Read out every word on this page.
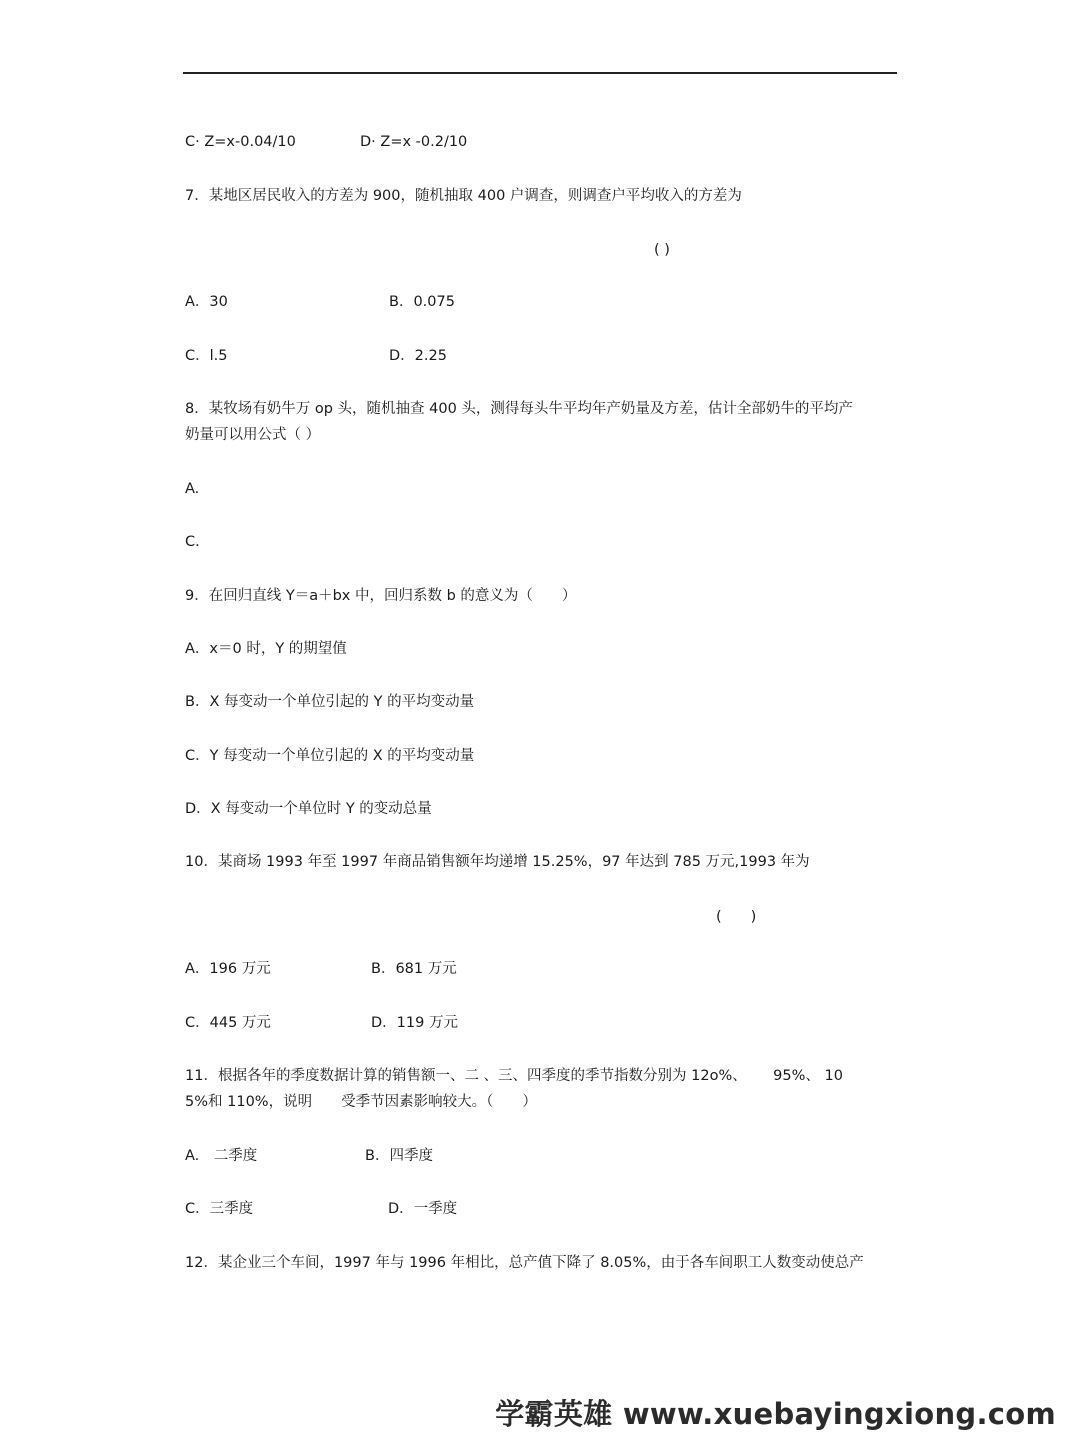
C· Z=x-0.04/10	D· Z=x -0.2/10
7．某地区居民收入的方差为 900，随机抽取 400 户调查，则调查户平均收入的方差为
( )
A．30	B．0.075
C．l.5	D．2.25
8．某牧场有奶牛万 op 头，随机抽查 400 头，测得每头牛平均年产奶量及方差，估计全部奶牛的平均产
奶量可以用公式（ ）
A.
C.
9．在回归直线 Y＝a＋bx 中，回归系数 b 的意义为（　　）
A．x＝0 时，Y 的期望值
B．X 每变动一个单位引起的 Y 的平均变动量
C．Y 每变动一个单位引起的 X 的平均变动量
D．X 每变动一个单位时 Y 的变动总量
10．某商场 1993 年至 1997 年商品销售额年均递增 15.25%，97 年达到 785 万元,1993 年为
(　　)
A．196 万元	B．681 万元
C．445 万元	D．119 万元
11．根据各年的季度数据计算的销售额一、二 、三、四季度的季节指数分别为 12o%、　　 95%、 10
5%和 110%，说明　　受季节因素影响较大。（　　）
A.　二季度	B．四季度
C．三季度	D．一季度
12．某企业三个车间，1997 年与 1996 年相比，总产值下降了 8.05%，由于各车间职工人数变动使总产
学霸英雄 www.xuebayingxiong.com
